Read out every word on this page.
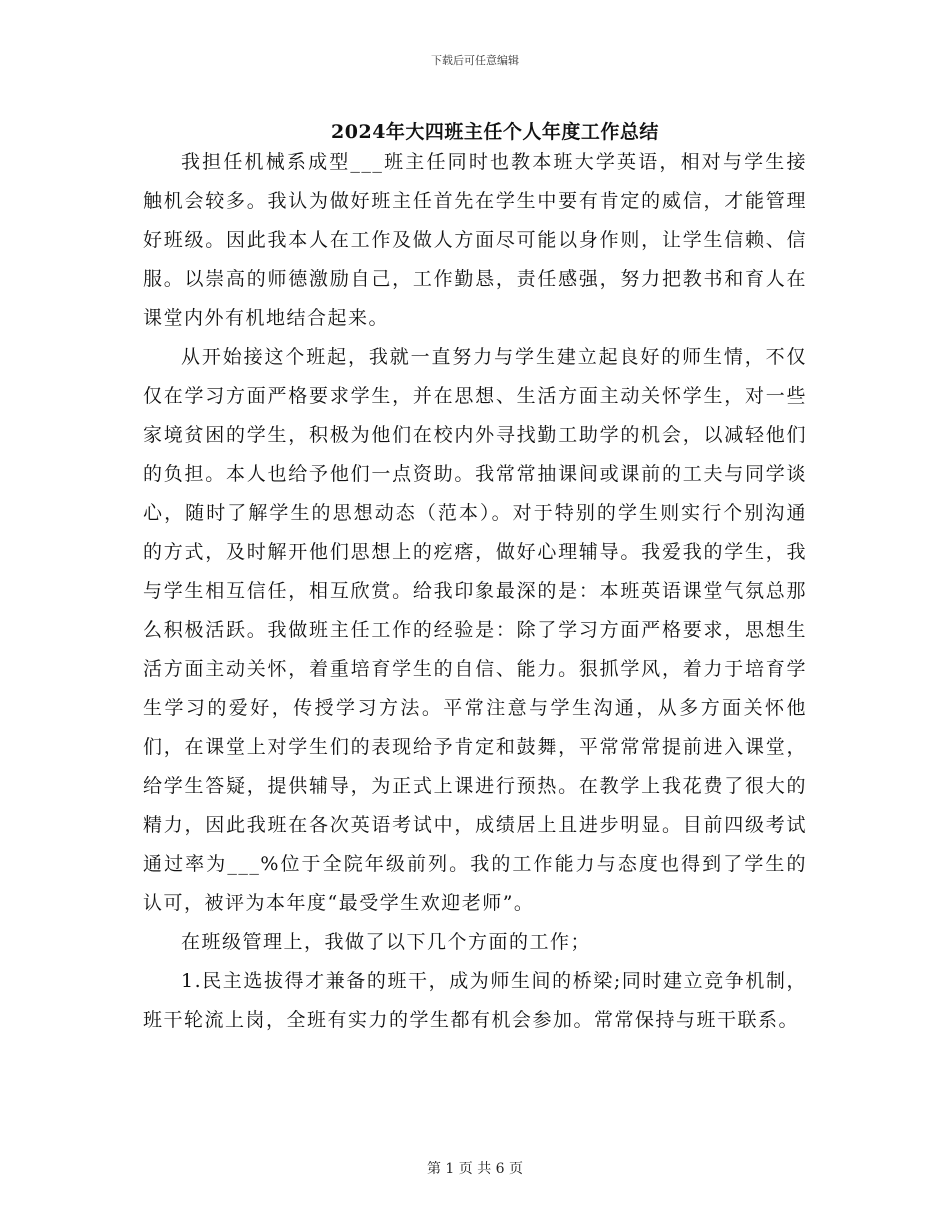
下载后可任意编辑
2024年大四班主任个人年度工作总结

我担任机械系成型___班主任同时也教本班大学英语，相对与学生接触机会较多。我认为做好班主任首先在学生中要有肯定的威信，才能管理好班级。因此我本人在工作及做人方面尽可能以身作则，让学生信赖、信服。以崇高的师德激励自己，工作勤恳，责任感强，努力把教书和育人在课堂内外有机地结合起来。

从开始接这个班起，我就一直努力与学生建立起良好的师生情，不仅仅在学习方面严格要求学生，并在思想、生活方面主动关怀学生，对一些家境贫困的学生，积极为他们在校内外寻找勤工助学的机会，以减轻他们的负担。本人也给予他们一点资助。我常常抽课间或课前的工夫与同学谈心，随时了解学生的思想动态（范本）。对于特别的学生则实行个别沟通的方式，及时解开他们思想上的疙瘩，做好心理辅导。我爱我的学生，我与学生相互信任，相互欣赏。给我印象最深的是：本班英语课堂气氛总那么积极活跃。我做班主任工作的经验是：除了学习方面严格要求，思想生活方面主动关怀，着重培育学生的自信、能力。狠抓学风，着力于培育学生学习的爱好，传授学习方法。平常注意与学生沟通，从多方面关怀他们，在课堂上对学生们的表现给予肯定和鼓舞，平常常常提前进入课堂，给学生答疑，提供辅导，为正式上课进行预热。在教学上我花费了很大的精力，因此我班在各次英语考试中，成绩居上且进步明显。目前四级考试通过率为___%位于全院年级前列。我的工作能力与态度也得到了学生的认可，被评为本年度“最受学生欢迎老师”。

在班级管理上，我做了以下几个方面的工作；

1.民主选拔得才兼备的班干，成为师生间的桥梁;同时建立竞争机制，班干轮流上岗，全班有实力的学生都有机会参加。常常保持与班干联系。

第 1 页 共 6 页
